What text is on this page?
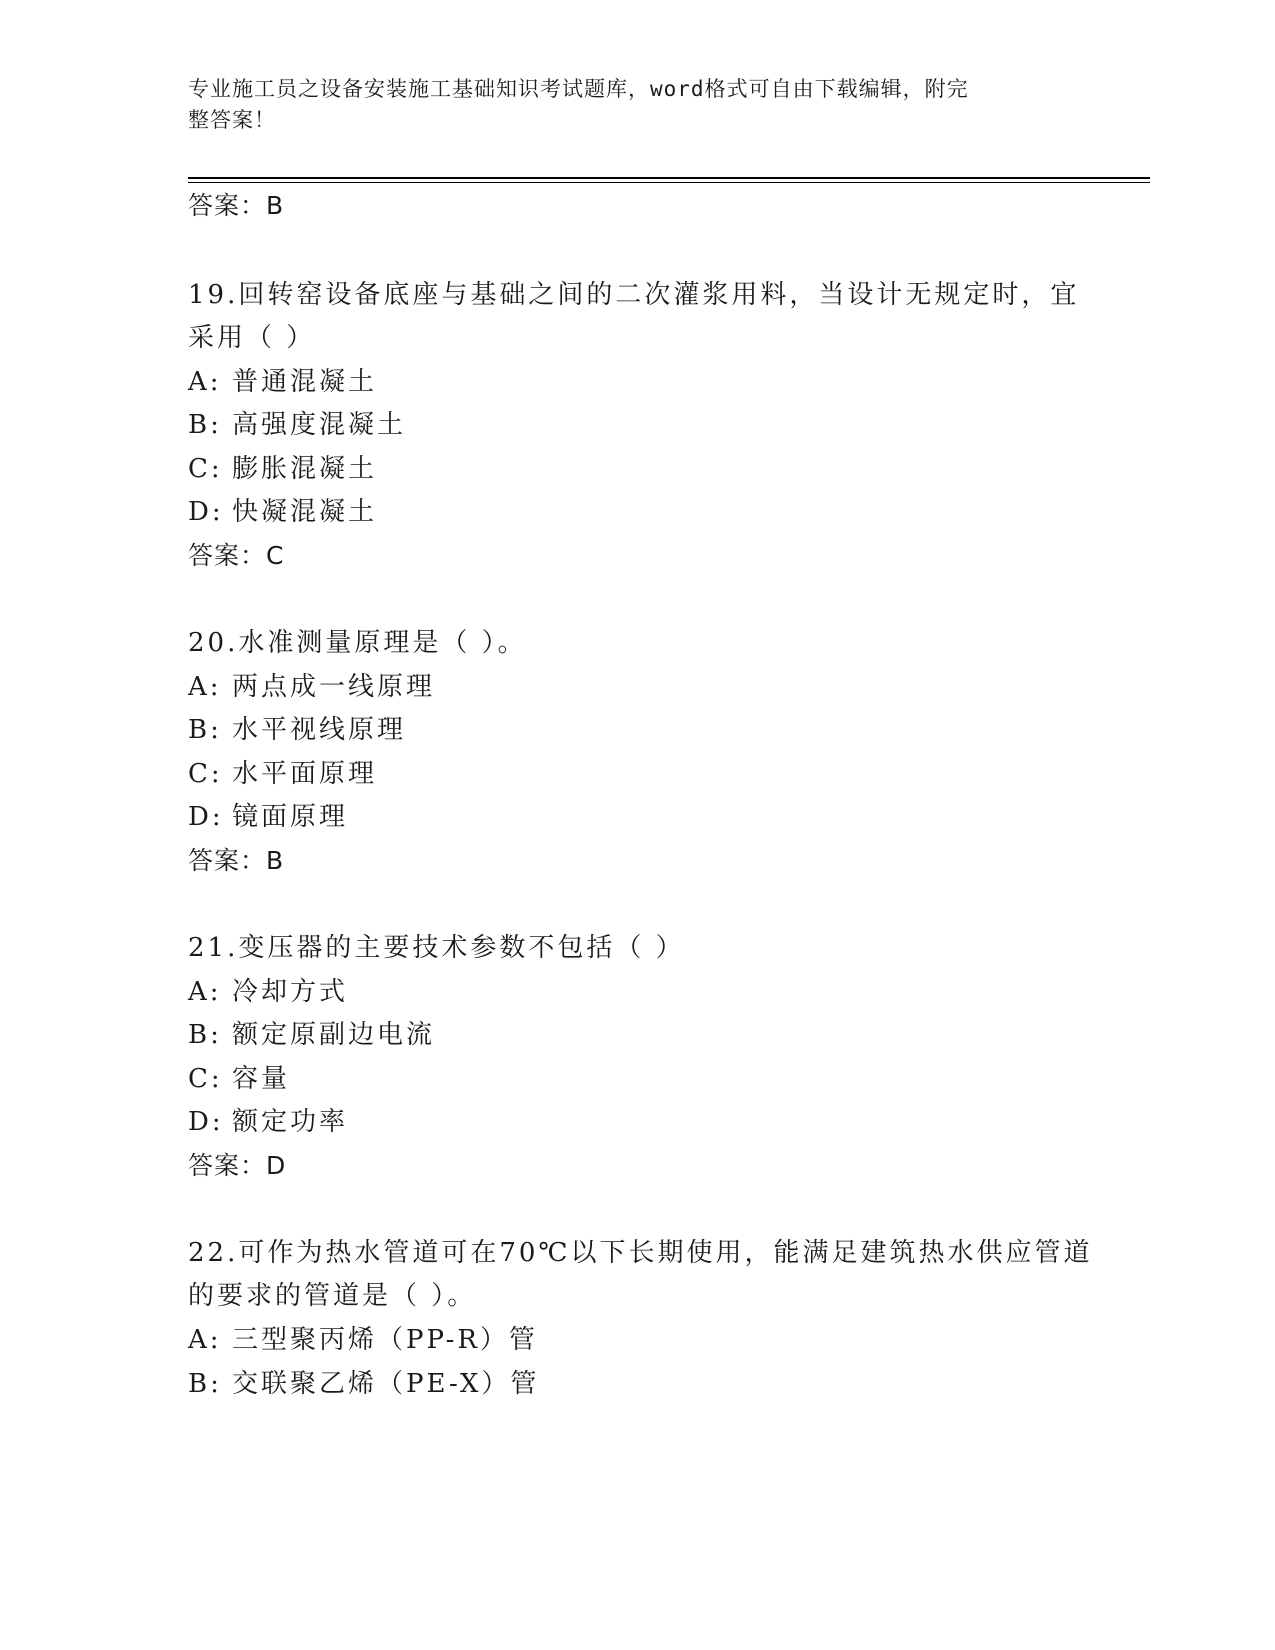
专业施工员之设备安装施工基础知识考试题库，word格式可自由下载编辑，附完
整答案！
答案：B
19.回转窑设备底座与基础之间的二次灌浆用料，当设计无规定时，宜
采用（ ）
A: 普通混凝土
B: 高强度混凝土
C: 膨胀混凝土
D: 快凝混凝土
答案：C
20.水准测量原理是（ ）。
A: 两点成一线原理
B: 水平视线原理
C: 水平面原理
D: 镜面原理
答案：B
21.变压器的主要技术参数不包括（ ）
A: 冷却方式
B: 额定原副边电流
C: 容量
D: 额定功率
答案：D
22.可作为热水管道可在70℃以下长期使用，能满足建筑热水供应管道
的要求的管道是（ ）。
A: 三型聚丙烯（PP-R）管
B: 交联聚乙烯（PE-X）管
